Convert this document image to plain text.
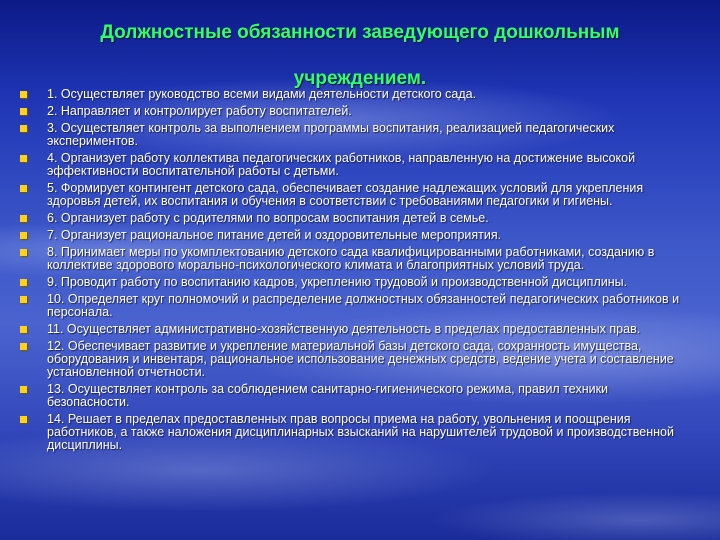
Должностные обязанности заведующего дошкольным
учреждением.
1. Осуществляет руководство всеми видами деятельности детского сада.
2. Направляет и контролирует работу воспитателей.
3. Осуществляет контроль за выполнением программы воспитания, реализацией педагогических экспериментов.
4. Организует работу коллектива педагогических работников, направленную на достижение высокой эффективности воспитательной работы с детьми.
5. Формирует контингент детского сада, обеспечивает создание надлежащих условий для укрепления здоровья детей, их воспитания и обучения в соответствии с требованиями педагогики и гигиены.
6. Организует работу с родителями по вопросам воспитания детей в семье.
7. Организует рациональное питание детей и оздоровительные мероприятия.
8. Принимает меры по укомплектованию детского сада квалифицированными работниками, созданию в коллективе здорового морально-психологического климата и благоприятных условий труда.
9. Проводит работу по воспитанию кадров, укреплению трудовой и производственной дисциплины.
10. Определяет круг полномочий и распределение должностных обязанностей педагогических работников и персонала.
11. Осуществляет административно-хозяйственную деятельность в пределах предоставленных прав.
12. Обеспечивает развитие и укрепление материальной базы детского сада, сохранность имущества, оборудования и инвентаря, рациональное использование денежных средств, ведение учета и составление установленной отчетности.
13. Осуществляет контроль за соблюдением санитарно-гигиенического режима, правил техники безопасности.
14. Решает в пределах предоставленных прав вопросы приема на работу, увольнения и поощрения работников, а также наложения дисциплинарных взысканий на нарушителей трудовой и производственной дисциплины.
